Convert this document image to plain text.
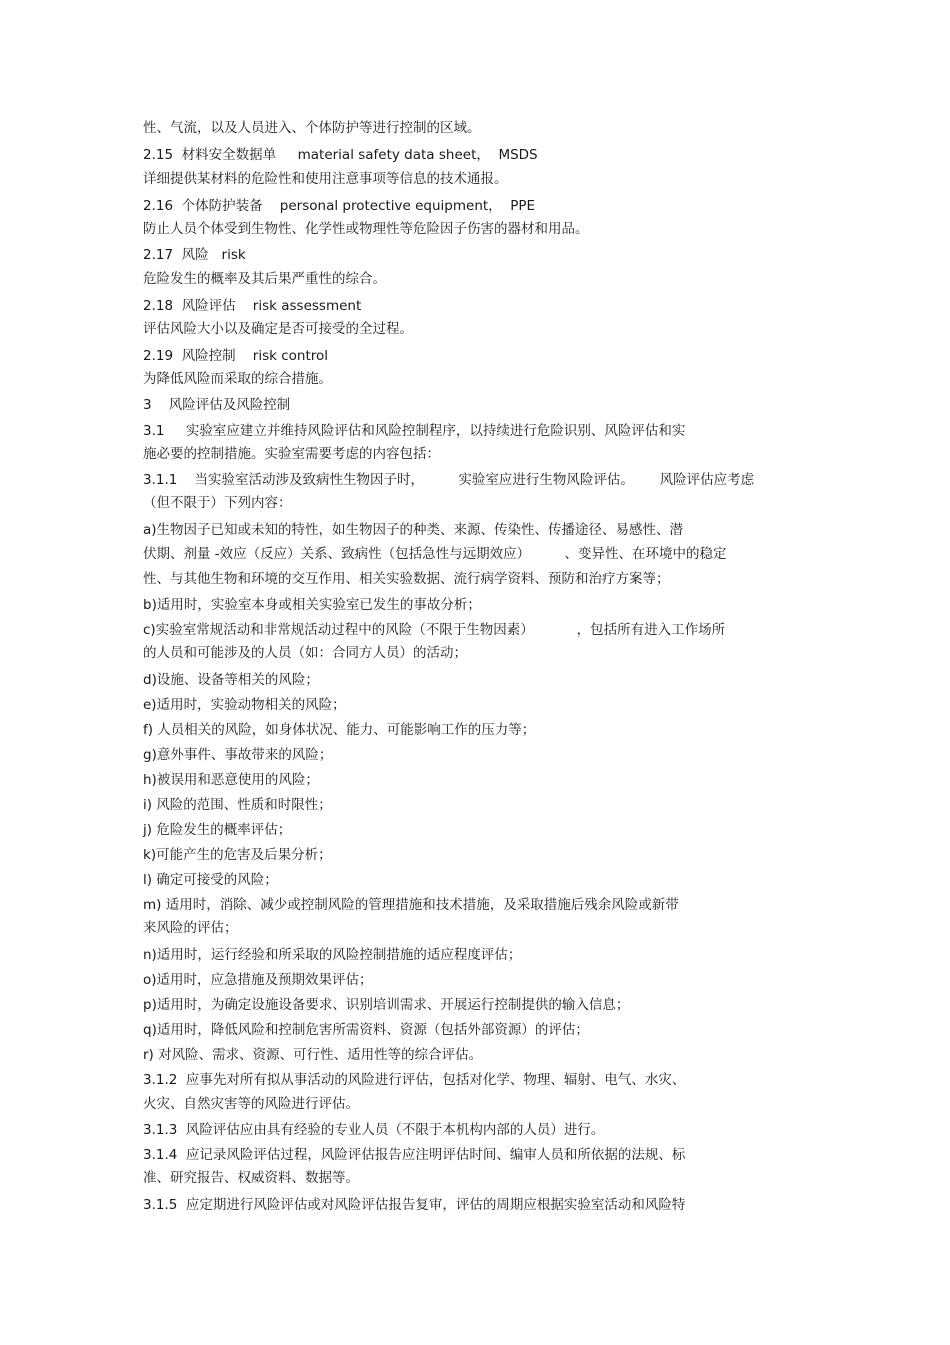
性、气流，以及人员进入、个体防护等进行控制的区域。

2.15  材料安全数据单     material safety data sheet，  MSDS

详细提供某材料的危险性和使用注意事项等信息的技术通报。

2.16  个体防护装备    personal protective equipment，  PPE

防止人员个体受到生物性、化学性或物理性等危险因子伤害的器材和用品。

2.17  风险   risk

危险发生的概率及其后果严重性的综合。

2.18  风险评估    risk assessment

评估风险大小以及确定是否可接受的全过程。

2.19  风险控制    risk control

为降低风险而采取的综合措施。

3    风险评估及风险控制

3.1     实验室应建立并维持风险评估和风险控制程序，以持续进行危险识别、风险评估和实

施必要的控制措施。实验室需要考虑的内容包括：

3.1.1    当实验室活动涉及致病性生物因子时，        实验室应进行生物风险评估。      风险评估应考虑

（但不限于）下列内容：

a)生物因子已知或未知的特性，如生物因子的种类、来源、传染性、传播途径、易感性、潜

伏期、剂量 -效应（反应）关系、致病性（包括急性与远期效应）        、变异性、在环境中的稳定

性、与其他生物和环境的交互作用、相关实验数据、流行病学资料、预防和治疗方案等；

b)适用时，实验室本身或相关实验室已发生的事故分析；

c)实验室常规活动和非常规活动过程中的风险（不限于生物因素）          ，包括所有进入工作场所

的人员和可能涉及的人员（如：合同方人员）的活动；

d)设施、设备等相关的风险；

e)适用时，实验动物相关的风险；

f) 人员相关的风险，如身体状况、能力、可能影响工作的压力等；

g)意外事件、事故带来的风险；

h)被误用和恶意使用的风险；

i) 风险的范围、性质和时限性；

j) 危险发生的概率评估；

k)可能产生的危害及后果分析；

l) 确定可接受的风险；

m) 适用时，消除、减少或控制风险的管理措施和技术措施，及采取措施后残余风险或新带

来风险的评估；

n)适用时，运行经验和所采取的风险控制措施的适应程度评估；

o)适用时，应急措施及预期效果评估；

p)适用时，为确定设施设备要求、识别培训需求、开展运行控制提供的输入信息；

q)适用时，降低风险和控制危害所需资料、资源（包括外部资源）的评估；

r) 对风险、需求、资源、可行性、适用性等的综合评估。

3.1.2  应事先对所有拟从事活动的风险进行评估，包括对化学、物理、辐射、电气、水灾、

火灾、自然灾害等的风险进行评估。

3.1.3  风险评估应由具有经验的专业人员（不限于本机构内部的人员）进行。

3.1.4  应记录风险评估过程，风险评估报告应注明评估时间、编审人员和所依据的法规、标

准、研究报告、权威资料、数据等。

3.1.5  应定期进行风险评估或对风险评估报告复审，评估的周期应根据实验室活动和风险特
